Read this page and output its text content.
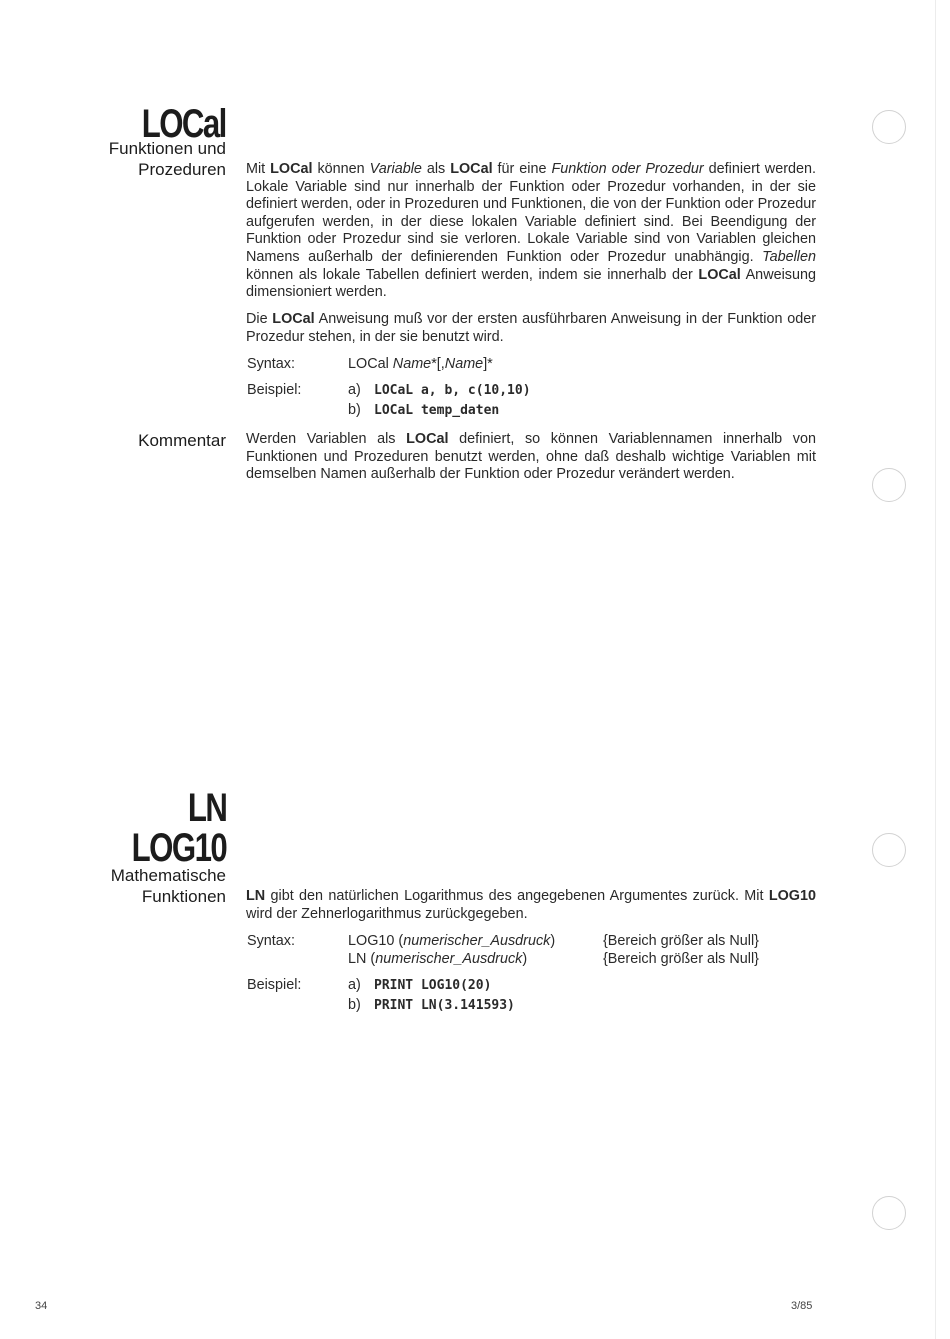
LOCal
Funktionen und
Prozeduren Mit LOCal können Variable als LOCal für eine Funktion oder Prozedur definiert werden. Lokale Variable sind nur innerhalb der Funktion oder Prozedur vorhanden, in der sie definiert werden, oder in Prozeduren und Funktionen, die von der Funktion oder Prozedur aufgerufen werden, in der diese lokalen Variable definiert sind. Bei Beendigung der Funktion oder Prozedur sind sie verloren. Lokale Variable sind von Variablen gleichen Namens außerhalb der definierenden Funktion oder Prozedur unabhängig. Tabellen können als lokale Tabellen definiert werden, indem sie innerhalb der LOCal Anweisung dimensioniert werden.
Die LOCal Anweisung muß vor der ersten ausführbaren Anweisung in der Funktion oder Prozedur stehen, in der sie benutzt wird.
Syntax:	LOCal Name*[,Name]*
Beispiel:	a) LOCaL a, b, c(10,10)
b) LOCaL temp_daten
Kommentar Werden Variablen als LOCal definiert, so können Variablennamen innerhalb von Funktionen und Prozeduren benutzt werden, ohne daß deshalb wichtige Variablen mit demselben Namen außerhalb der Funktion oder Prozedur verändert werden.
LN
LOG10
Mathematische
Funktionen LN gibt den natürlichen Logarithmus des angegebenen Argumentes zurück. Mit LOG10 wird der Zehnerlogarithmus zurückgegeben.
Syntax:	LOG10 (numerischer_Ausdruck)	{Bereich größer als Null}
LN (numerischer_Ausdruck)	{Bereich größer als Null}
Beispiel:	a) PRINT LOG10(20)
b) PRINT LN(3.141593)
34	3/85
